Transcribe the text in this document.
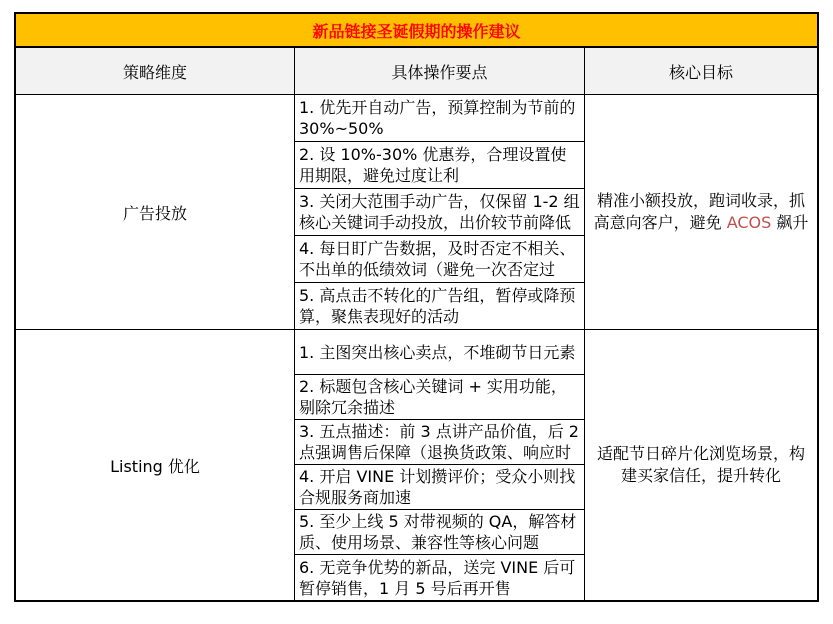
新品链接圣诞假期的操作建议
策略维度	具体操作要点	核心目标
广告投放
1. 优先开自动广告，预算控制为节前的 30%~50%
2. 设 10%-30% 优惠券，合理设置使用期限，避免过度让利
3. 关闭大范围手动广告，仅保留 1-2 组核心关键词手动投放，出价较节前降低
4. 每日盯广告数据，及时否定不相关、不出单的低绩效词（避免一次否定过
5. 高点击不转化的广告组，暂停或降预算，聚焦表现好的活动
精准小额投放，跑词收录，抓高意向客户，避免 ACOS 飙升
Listing 优化
1. 主图突出核心卖点，不堆砌节日元素
2. 标题包含核心关键词 + 实用功能，剔除冗余描述
3. 五点描述：前 3 点讲产品价值，后 2 点强调售后保障（退换货政策、响应时
4. 开启 VINE 计划攒评价；受众小则找合规服务商加速
5. 至少上线 5 对带视频的 QA，解答材质、使用场景、兼容性等核心问题
6. 无竞争优势的新品，送完 VINE 后可暂停销售，1 月 5 号后再开售
适配节日碎片化浏览场景，构建买家信任，提升转化
